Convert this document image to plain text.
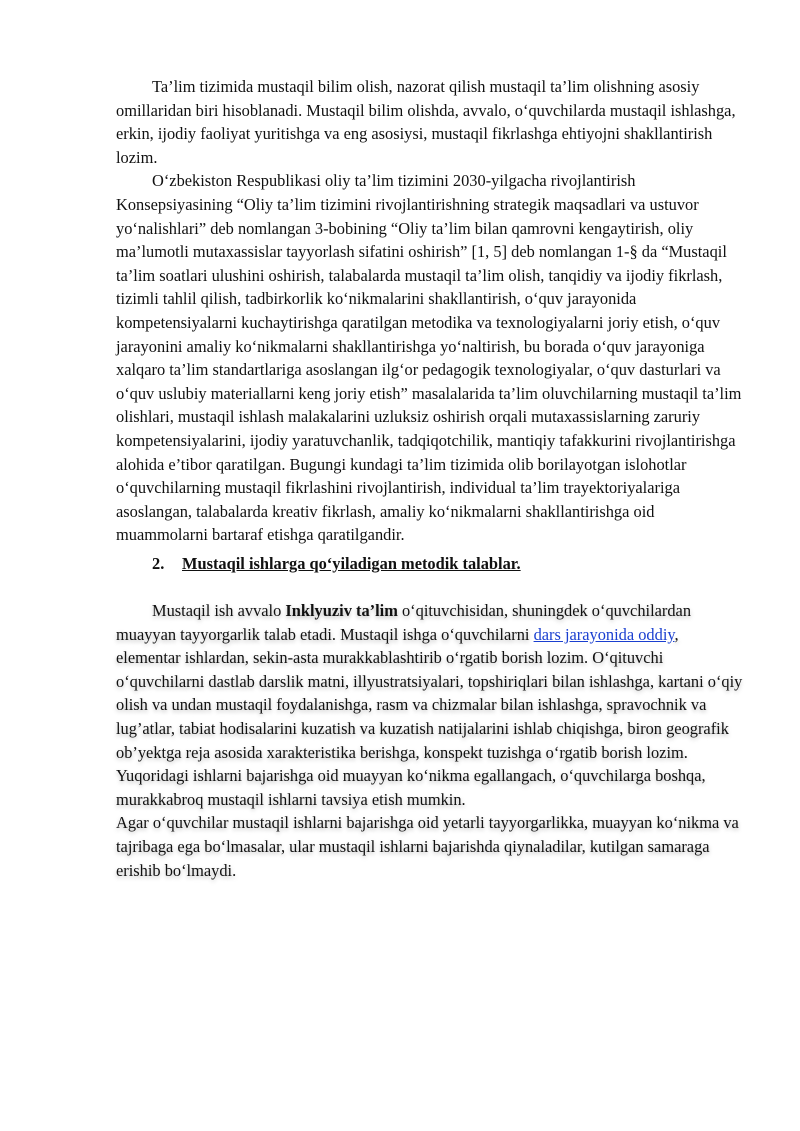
Ta’lim tizimida mustaqil bilim olish, nazorat qilish mustaqil ta’lim olishning asosiy omillaridan biri hisoblanadi. Mustaqil bilim olishda, avvalo, o‘quvchilarda mustaqil ishlashga, erkin, ijodiy faoliyat yuritishga va eng asosiysi, mustaqil fikrlashga ehtiyojni shakllantirish lozim.

O‘zbekiston Respublikasi oliy ta’lim tizimini 2030-yilgacha rivojlantirish Konsepsiyasining “Oliy ta’lim tizimini rivojlantirishning strategik maqsadlari va ustuvor yo‘nalishlari” deb nomlangan 3-bobining “Oliy ta’lim bilan qamrovni kengaytirish, oliy ma’lumotli mutaxassislar tayyorlash sifatini oshirish” [1, 5] deb nomlangan 1-§ da “Mustaqil ta’lim soatlari ulushini oshirish, talabalarda mustaqil ta’lim olish, tanqidiy va ijodiy fikrlash, tizimli tahlil qilish, tadbirkorlik ko‘nikmalarini shakllantirish, o‘quv jarayonida kompetensiyalarni kuchaytirishga qaratilgan metodika va texnologiyalarni joriy etish, o‘quv jarayonini amaliy ko‘nikmalarni shakllantirishga yo‘naltirish, bu borada o‘quv jarayoniga xalqaro ta’lim standartlariga asoslangan ilg‘or pedagogik texnologiyalar, o‘quv dasturlari va o‘quv uslubiy materiallarni keng joriy etish” masalalarida ta’lim oluvchilarning mustaqil ta’lim olishlari, mustaqil ishlash malakalarini uzluksiz oshirish orqali mutaxassislarning zaruriy kompetensiyalarini, ijodiy yaratuvchanlik, tadqiqotchilik, mantiqiy tafakkurini rivojlantirishga alohida e’tibor qaratilgan. Bugungi kundagi ta’lim tizimida olib borilayotgan islohotlar o‘quvchilarning mustaqil fikrlashini rivojlantirish, individual ta’lim trayektoriyalariga asoslangan, talabalarda kreativ fikrlash, amaliy ko‘nikmalarni shakllantirishga oid muammolarni bartaraf etishga qaratilgandir.

2. Mustaqil ishlarga qo‘yiladigan metodik talablar.

Mustaqil ish avvalo Inklyuziv ta’lim o‘qituvchisidan, shuningdek o‘quvchilardan muayyan tayyorgarlik talab etadi. Mustaqil ishga o‘quvchilarni dars jarayonida oddiy, elementar ishlardan, sekin-asta murakkablashtirib o‘rgatib borish lozim. O‘qituvchi o‘quvchilarni dastlab darslik matni, illyustratsiyalari, topshiriqlari bilan ishlashga, kartani o‘qiy olish va undan mustaqil foydalanishga, rasm va chizmalar bilan ishlashga, spravochnik va lug’atlar, tabiat hodisalarini kuzatish va kuzatish natijalarini ishlab chiqishga, biron geografik ob’yektga reja asosida xarakteristika berishga, konspekt tuzishga o‘rgatib borish lozim. Yuqoridagi ishlarni bajarishga oid muayyan ko‘nikma egallangach, o‘quvchilarga boshqa, murakkabroq mustaqil ishlarni tavsiya etish mumkin.

Agar o‘quvchilar mustaqil ishlarni bajarishga oid yetarli tayyorgarlikka, muayyan ko‘nikma va tajribaga ega bo‘lmasalar, ular mustaqil ishlarni bajarishda qiynaladilar, kutilgan samaraga erishib bo‘lmaydi.
